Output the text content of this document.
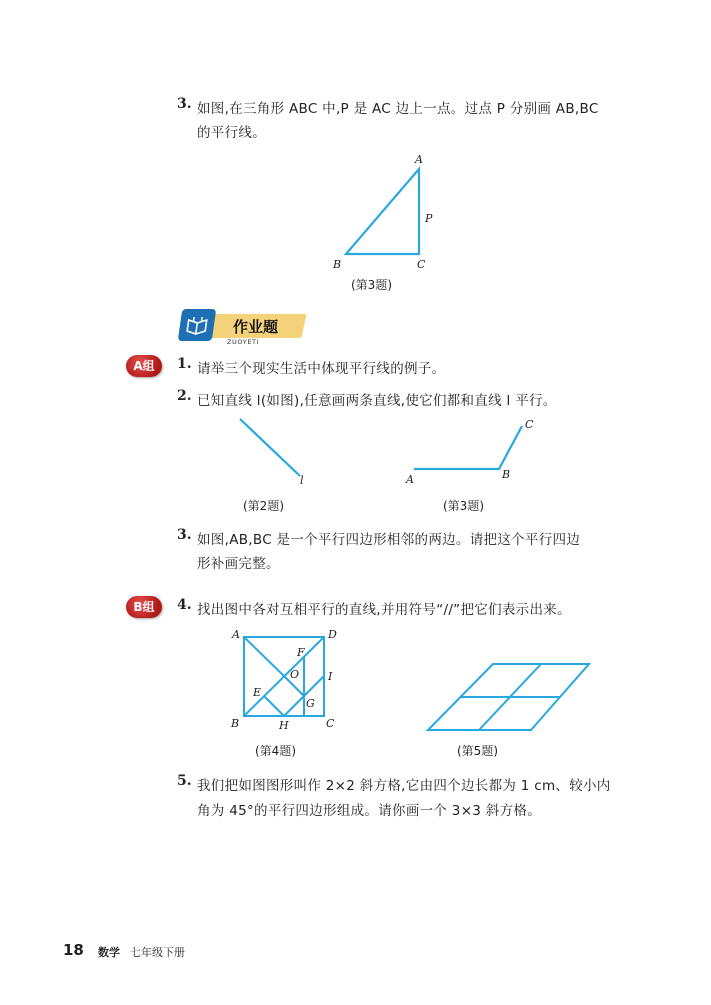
3. 如图,在三角形 ABC 中,P 是 AC 边上一点。过点 P 分别画 AB,BC
的平行线。
A
P
B	C
(第3题)
作业题
ZUOYETI
A组	1. 请举三个现实生活中体现平行线的例子。
2. 已知直线 l(如图),任意画两条直线,使它们都和直线 l 平行。
l
(第2题)
C
B
A
(第3题)
3. 如图,AB,BC 是一个平行四边形相邻的两边。请把这个平行四边
形补画完整。
B组	4. 找出图中各对互相平行的直线,并用符号“//”把它们表示出来。
A	D
F
O	I
E
G
B	H	C
(第4题)	(第5题)
5. 我们把如图图形叫作 2×2 斜方格,它由四个边长都为 1 cm、较小内
角为 45°的平行四边形组成。请你画一个 3×3 斜方格。
18 数学 七年级下册
